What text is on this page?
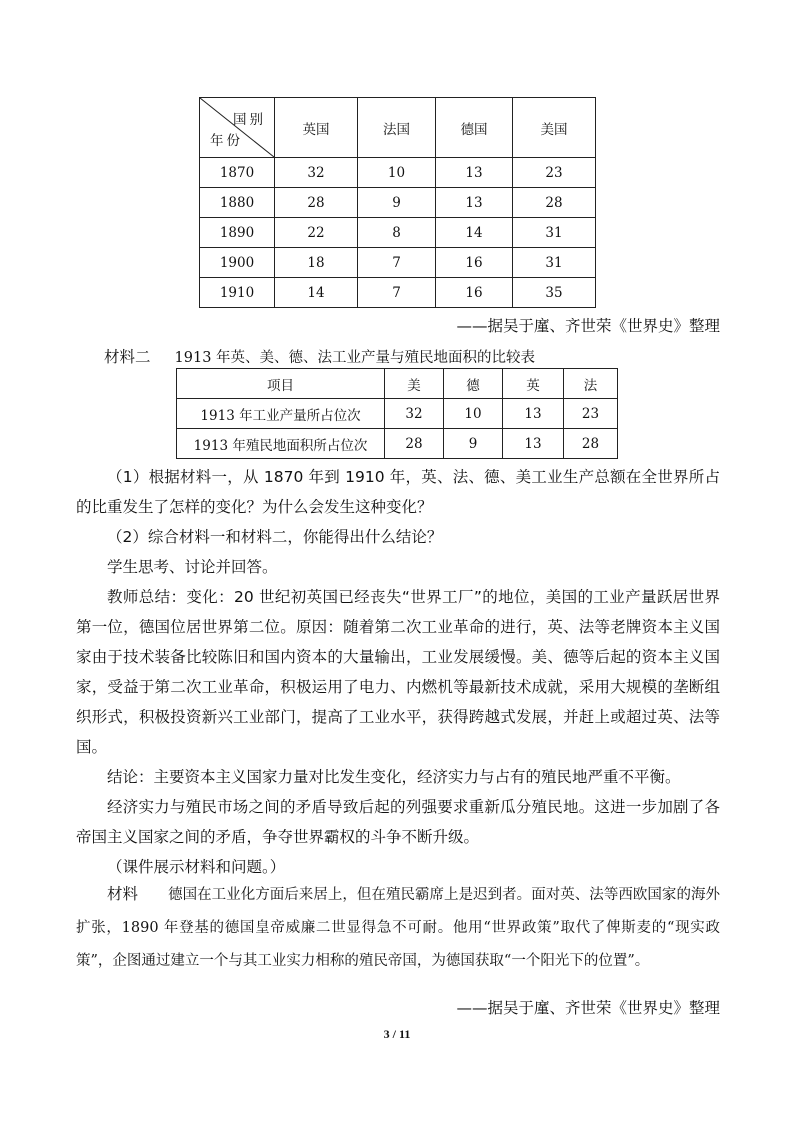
国别
年份	英国	法国	德国	美国
1870	32	10	13	23
1880	28	9	13	28
1890	22	8	14	31
1900	18	7	16	31
1910	14	7	16	35
——据吴于廑、齐世荣《世界史》整理
材料二 1913 年英、美、德、法工业产量与殖民地面积的比较表
项目	美	德	英	法
1913 年工业产量所占位次	32	10	13	23
1913 年殖民地面积所占位次	28	9	13	28
（1）根据材料一，从 1870 年到 1910 年，英、法、德、美工业生产总额在全世界所占的比重发生了怎样的变化？为什么会发生这种变化？
（2）综合材料一和材料二，你能得出什么结论？
学生思考、讨论并回答。
教师总结：变化：20 世纪初英国已经丧失“世界工厂”的地位，美国的工业产量跃居世界第一位，德国位居世界第二位。原因：随着第二次工业革命的进行，英、法等老牌资本主义国家由于技术装备比较陈旧和国内资本的大量输出，工业发展缓慢。美、德等后起的资本主义国家，受益于第二次工业革命，积极运用了电力、内燃机等最新技术成就，采用大规模的垄断组织形式，积极投资新兴工业部门，提高了工业水平，获得跨越式发展，并赶上或超过英、法等国。
结论：主要资本主义国家力量对比发生变化，经济实力与占有的殖民地严重不平衡。
经济实力与殖民市场之间的矛盾导致后起的列强要求重新瓜分殖民地。这进一步加剧了各帝国主义国家之间的矛盾，争夺世界霸权的斗争不断升级。
（课件展示材料和问题。）
材料 德国在工业化方面后来居上，但在殖民霸席上是迟到者。面对英、法等西欧国家的海外扩张，1890 年登基的德国皇帝威廉二世显得急不可耐。他用“世界政策”取代了俾斯麦的“现实政策”，企图通过建立一个与其工业实力相称的殖民帝国，为德国获取“一个阳光下的位置”。
——据吴于廑、齐世荣《世界史》整理
3 / 11
